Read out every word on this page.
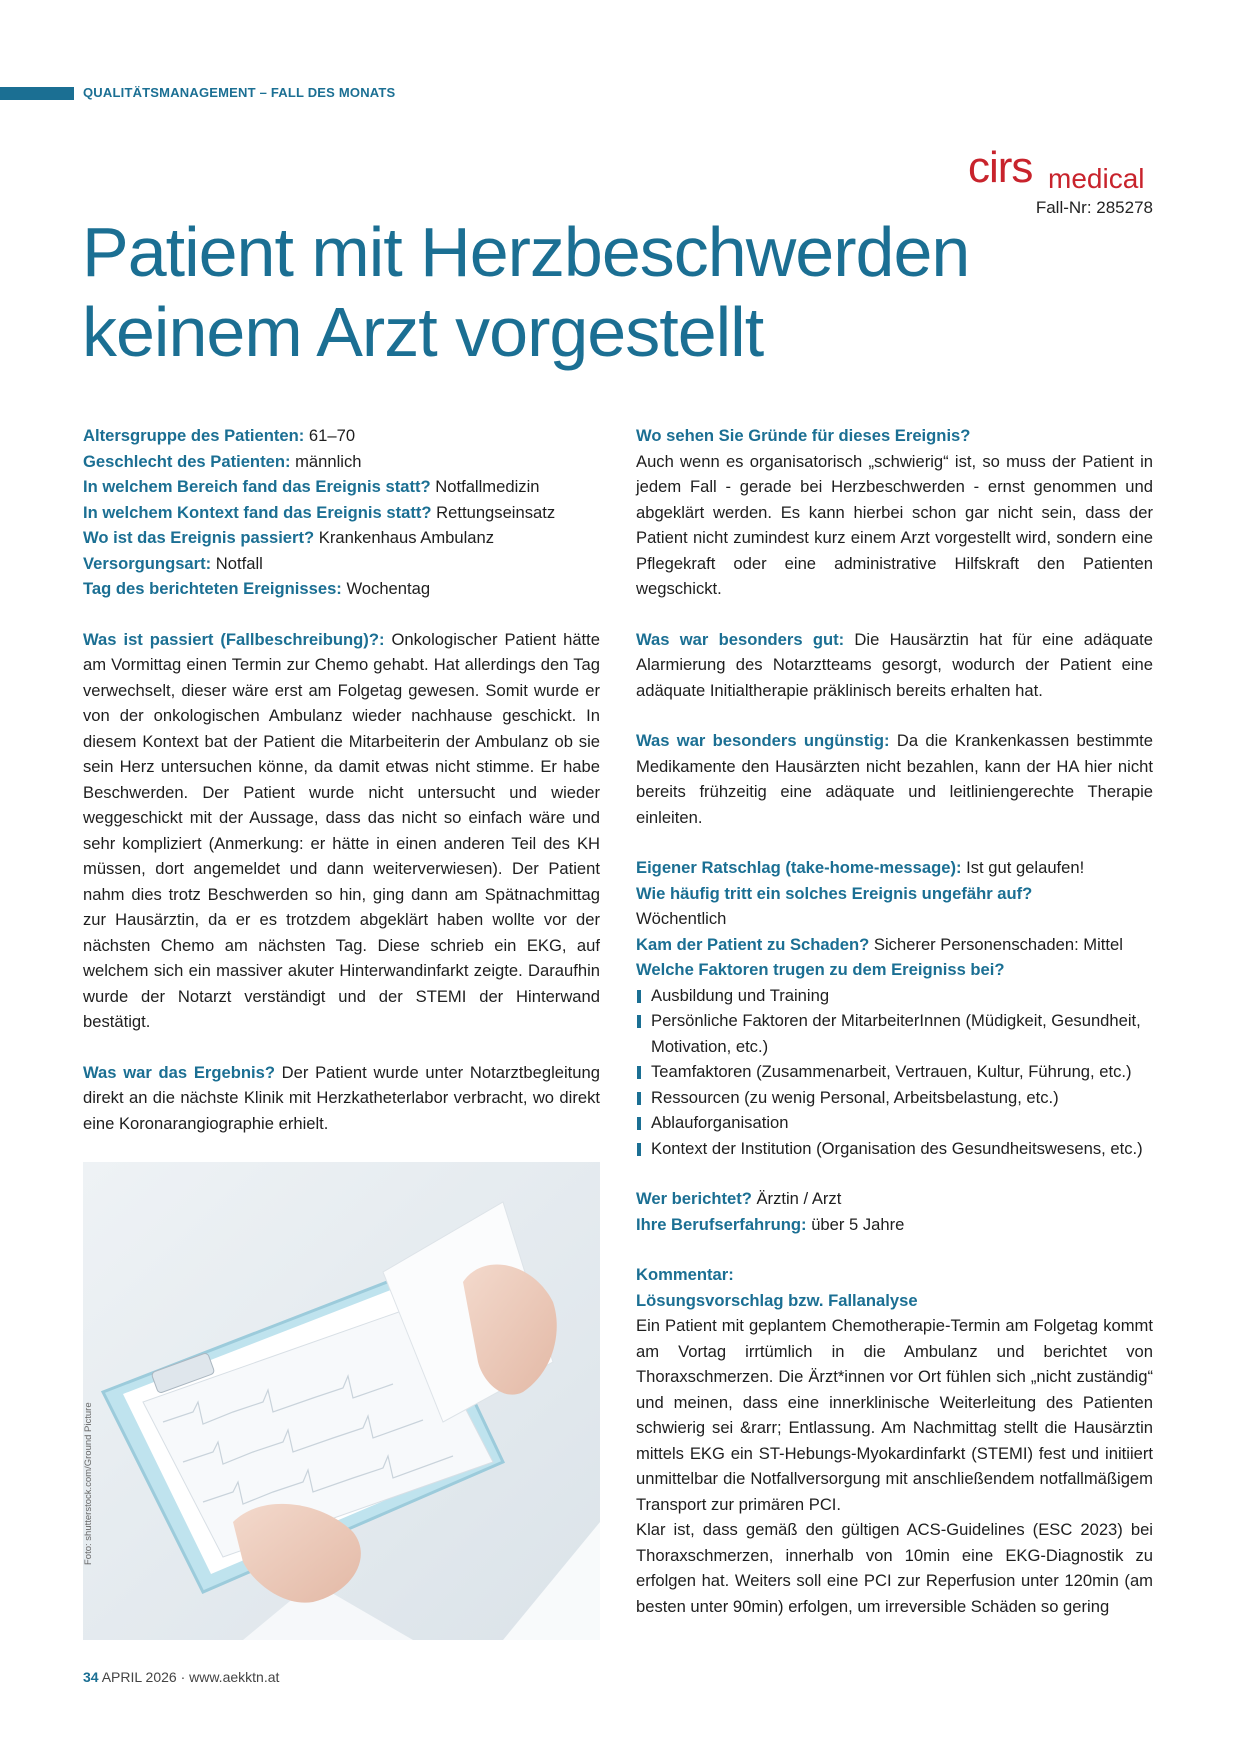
QUALITÄTSMANAGEMENT – FALL DES MONATS
cirs medical
Fall-Nr: 285278
Patient mit Herzbeschwerden
keinem Arzt vorgestellt
Altersgruppe des Patienten: 61–70
Geschlecht des Patienten: männlich
In welchem Bereich fand das Ereignis statt? Notfallmedizin
In welchem Kontext fand das Ereignis statt? Rettungseinsatz
Wo ist das Ereignis passiert? Krankenhaus Ambulanz
Versorgungsart: Notfall
Tag des berichteten Ereignisses: Wochentag

Was ist passiert (Fallbeschreibung)?: Onkologischer Patient hätte am Vormittag einen Termin zur Chemo gehabt. Hat allerdings den Tag verwechselt, dieser wäre erst am Folgetag gewesen. Somit wurde er von der onkologischen Ambulanz wieder nachhause geschickt. In diesem Kontext bat der Patient die Mitarbeiterin der Ambulanz ob sie sein Herz untersuchen könne, da damit etwas nicht stimme. Er habe Beschwerden. Der Patient wurde nicht untersucht und wieder weggeschickt mit der Aussage, dass das nicht so einfach wäre und sehr kompliziert (Anmerkung: er hätte in einen anderen Teil des KH müssen, dort angemeldet und dann weiterverwiesen). Der Patient nahm dies trotz Beschwerden so hin, ging dann am Spätnachmittag zur Hausärztin, da er es trotzdem abgeklärt haben wollte vor der nächsten Chemo am nächsten Tag. Diese schrieb ein EKG, auf welchem sich ein massiver akuter Hinterwandinfarkt zeigte. Daraufhin wurde der Notarzt verständigt und der STEMI der Hinterwand bestätigt.

Was war das Ergebnis? Der Patient wurde unter Notarztbegleitung direkt an die nächste Klinik mit Herzkatheterlabor verbracht, wo direkt eine Koronarangiographie erhielt.

Foto: shutterstock.com/Ground Picture
Wo sehen Sie Gründe für dieses Ereignis?

Auch wenn es organisatorisch „schwierig“ ist, so muss der Patient in jedem Fall - gerade bei Herzbeschwerden - ernst genommen und abgeklärt werden. Es kann hierbei schon gar nicht sein, dass der Patient nicht zumindest kurz einem Arzt vorgestellt wird, sondern eine Pflegekraft oder eine administrative Hilfskraft den Patienten wegschickt.

Was war besonders gut: Die Hausärztin hat für eine adäquate Alarmierung des Notarztteams gesorgt, wodurch der Patient eine adäquate Initialtherapie präklinisch bereits erhalten hat.

Was war besonders ungünstig: Da die Krankenkassen bestimmte Medikamente den Hausärzten nicht bezahlen, kann der HA hier nicht bereits frühzeitig eine adäquate und leitliniengerechte Therapie einleiten.

Eigener Ratschlag (take-home-message): Ist gut gelaufen!
Wie häufig tritt ein solches Ereignis ungefähr auf?
Wöchentlich
Kam der Patient zu Schaden? Sicherer Personenschaden: Mittel
Welche Faktoren trugen zu dem Ereigniss bei?
Ausbildung und Training
Persönliche Faktoren der MitarbeiterInnen (Müdigkeit, Gesundheit, Motivation, etc.)
Teamfaktoren (Zusammenarbeit, Vertrauen, Kultur, Führung, etc.)
Ressourcen (zu wenig Personal, Arbeitsbelastung, etc.)
Ablauforganisation
Kontext der Institution (Organisation des Gesundheitswesens, etc.)
Wer berichtet? Ärztin / Arzt
Ihre Berufserfahrung: über 5 Jahre
Kommentar:
Lösungsvorschlag bzw. Fallanalyse

Ein Patient mit geplantem Chemotherapie-Termin am Folgetag kommt am Vortag irrtümlich in die Ambulanz und berichtet von Thoraxschmerzen. Die Ärzt*innen vor Ort fühlen sich „nicht zuständig“ und meinen, dass eine innerklinische Weiterleitung des Patienten schwierig sei &rarr; Entlassung. Am Nachmittag stellt die Hausärztin mittels EKG ein ST-Hebungs-Myokardinfarkt (STEMI) fest und initiiert unmittelbar die Notfallversorgung mit anschließendem notfallmäßigem Transport zur primären PCI.

Klar ist, dass gemäß den gültigen ACS-Guidelines (ESC 2023) bei Thoraxschmerzen, innerhalb von 10min eine EKG-Diagnostik zu erfolgen hat. Weiters soll eine PCI zur Reperfusion unter 120min (am besten unter 90min) erfolgen, um irreversible Schäden so gering

34 APRIL 2026 · www.aekktn.at
